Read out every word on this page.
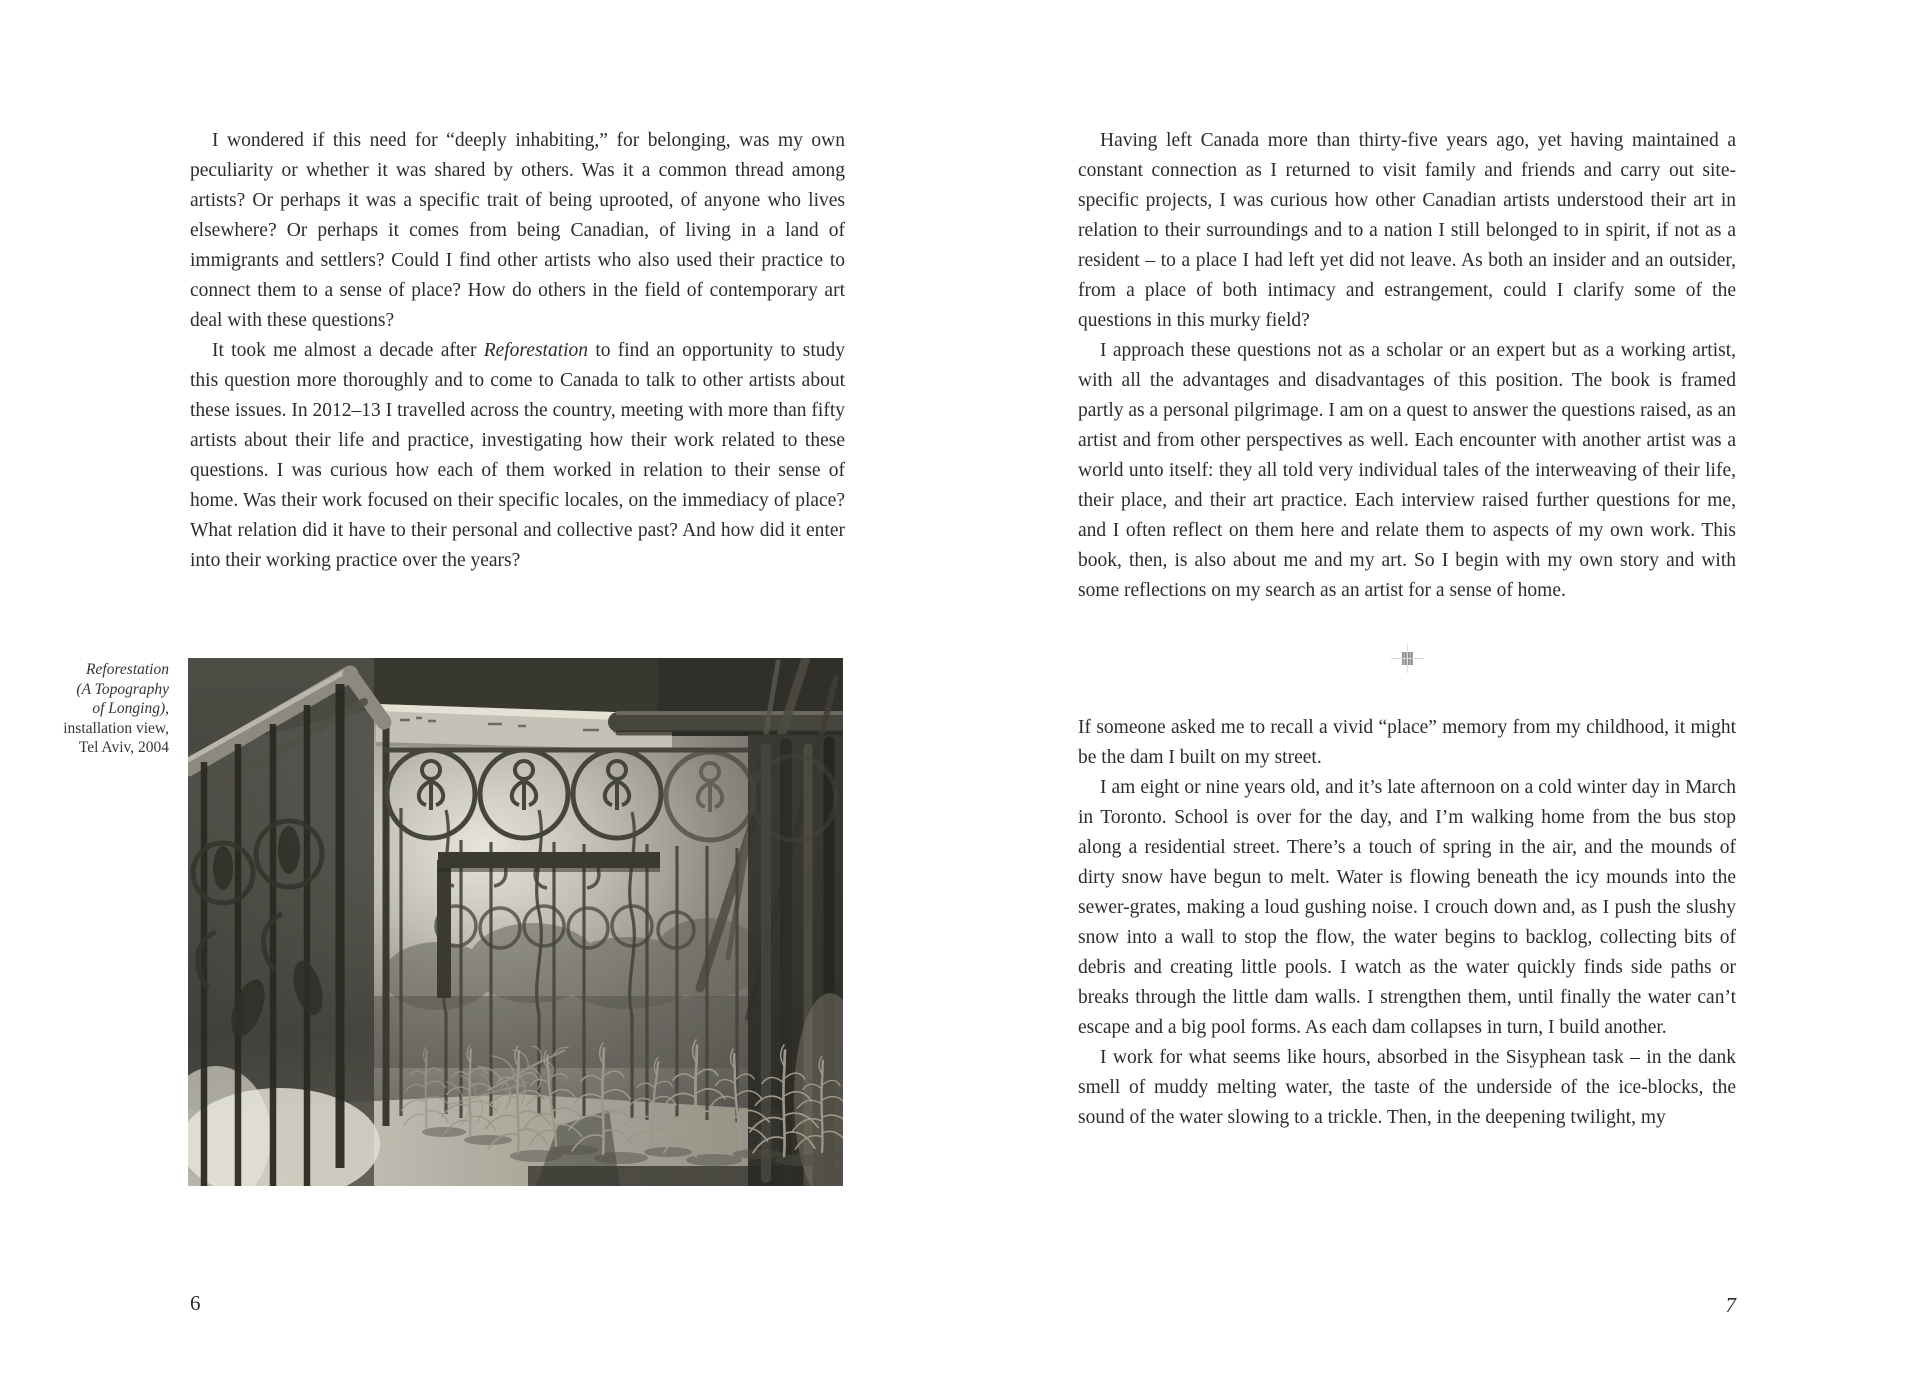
I wondered if this need for “deeply inhabiting,” for belonging, was my own peculiarity or whether it was shared by others. Was it a common thread among artists? Or perhaps it was a specific trait of being uprooted, of anyone who lives elsewhere? Or perhaps it comes from being Canadian, of living in a land of immigrants and settlers? Could I find other artists who also used their practice to connect them to a sense of place? How do others in the field of contemporary art deal with these questions?

It took me almost a decade after Reforestation to find an opportunity to study this question more thoroughly and to come to Canada to talk to other artists about these issues. In 2012–13 I travelled across the country, meeting with more than fifty artists about their life and practice, investigating how their work related to these questions. I was curious how each of them worked in relation to their sense of home. Was their work focused on their specific locales, on the immediacy of place? What relation did it have to their personal and collective past? And how did it enter into their working practice over the years?

Reforestation
(A Topography
of Longing),
installation view,
Tel Aviv, 2004
6

Having left Canada more than thirty-five years ago, yet having maintained a constant connection as I returned to visit family and friends and carry out site-specific projects, I was curious how other Canadian artists understood their art in relation to their surroundings and to a nation I still belonged to in spirit, if not as a resident – to a place I had left yet did not leave. As both an insider and an outsider, from a place of both intimacy and estrangement, could I clarify some of the questions in this murky field?

I approach these questions not as a scholar or an expert but as a working artist, with all the advantages and disadvantages of this position. The book is framed partly as a personal pilgrimage. I am on a quest to answer the questions raised, as an artist and from other perspectives as well. Each encounter with another artist was a world unto itself: they all told very individual tales of the interweaving of their life, their place, and their art practice. Each interview raised further questions for me, and I often reflect on them here and relate them to aspects of my own work. This book, then, is also about me and my art. So I begin with my own story and with some reflections on my search as an artist for a sense of home.

If someone asked me to recall a vivid “place” memory from my childhood, it might be the dam I built on my street.

I am eight or nine years old, and it’s late afternoon on a cold winter day in March in Toronto. School is over for the day, and I’m walking home from the bus stop along a residential street. There’s a touch of spring in the air, and the mounds of dirty snow have begun to melt. Water is flowing beneath the icy mounds into the sewer-grates, making a loud gushing noise. I crouch down and, as I push the slushy snow into a wall to stop the flow, the water begins to backlog, collecting bits of debris and creating little pools. I watch as the water quickly finds side paths or breaks through the little dam walls. I strengthen them, until finally the water can’t escape and a big pool forms. As each dam collapses in turn, I build another.

I work for what seems like hours, absorbed in the Sisyphean task – in the dank smell of muddy melting water, the taste of the underside of the ice-blocks, the sound of the water slowing to a trickle. Then, in the deepening twilight, my

7
